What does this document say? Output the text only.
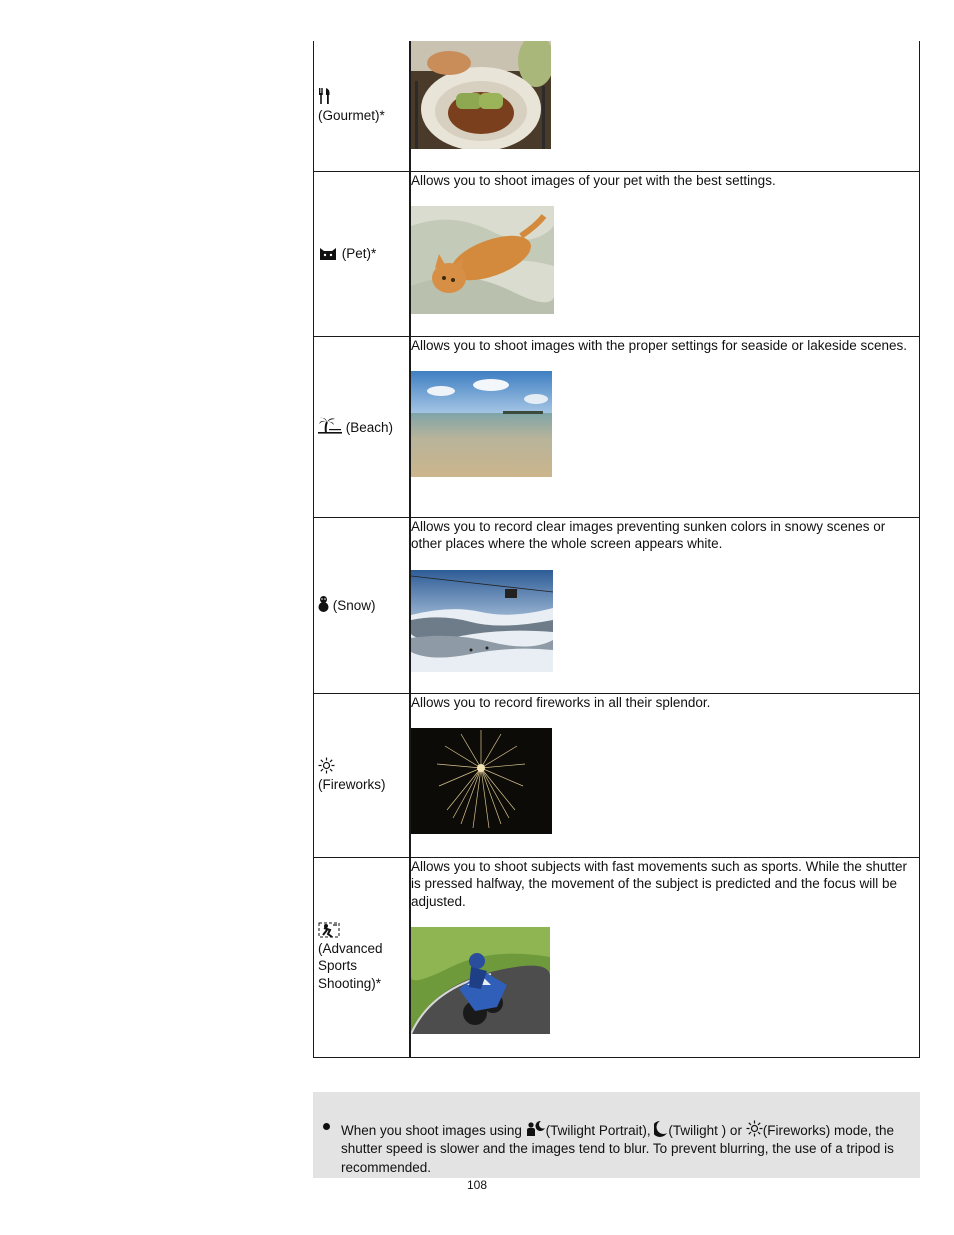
(Gourmet)*	

(Pet)*	Allows you to shoot images of your pet with the best settings.

(Beach)	Allows you to shoot images with the proper settings for seaside or lakeside scenes.

(Snow)	Allows you to record clear images preventing sunken colors in snowy scenes or other places where the whole screen appears white.

(Fireworks)	Allows you to record fireworks in all their splendor.

(Advanced Sports Shooting)*	Allows you to shoot subjects with fast movements such as sports. While the shutter is pressed halfway, the movement of the subject is predicted and the focus will be adjusted.

When you shoot images using (Twilight Portrait), (Twilight ) or (Fireworks) mode, the shutter speed is slower and the images tend to blur. To prevent blurring, the use of a tripod is recommended.
108
